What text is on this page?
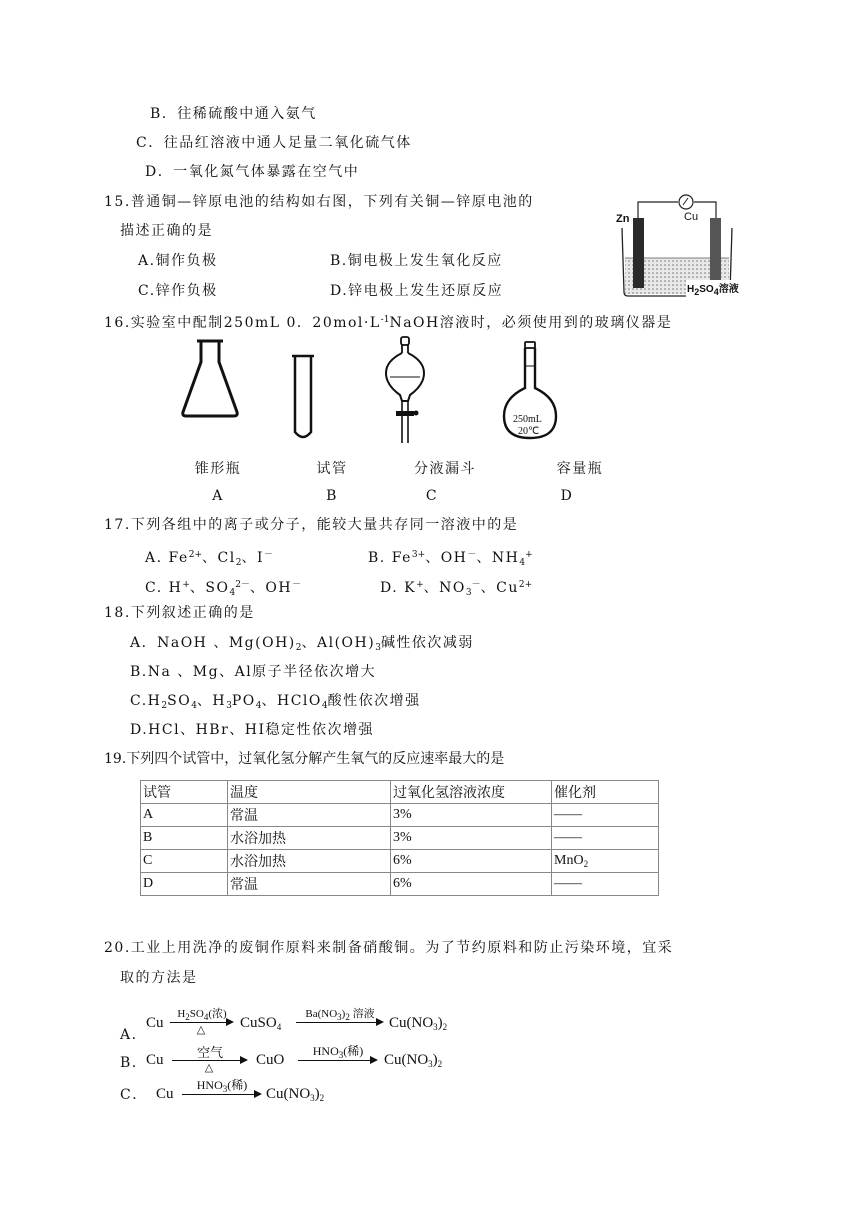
B．往稀硫酸中通入氨气
C．往品红溶液中通人足量二氧化硫气体
D．一氧化氮气体暴露在空气中
15.普通铜—锌原电池的结构如右图，下列有关铜—锌原电池的
描述正确的是
A.铜作负极	B.铜电极上发生氧化反应
C.锌作负极	D.锌电极上发生还原反应
Zn	Cu
$H_2SO_4$溶液
16.实验室中配制250mL 0．$20mol\cdot L^{-1}NaOH$溶液时，必须使用到的玻璃仪器是
250mL
20℃
锥形瓶	试管	分液漏斗	容量瓶
A	B	C	D
17.下列各组中的离子或分子，能较大量共存同一溶液中的是
A. $Fe^{2+}$、$Cl_2$、I－	B. $Fe^{3+}$、OH－、$NH_4^+$
C. H+、$SO_4^{2-}$、OH－	D. K+、$NO_3^-$、$Cu^{2+}$
18.下列叙述正确的是
A．NaOH 、$Mg(OH)_2$、$Al(OH)_3$碱性依次减弱
B.Na 、Mg、Al原子半径依次增大
$C.H_2SO_4$、$H_3PO_4$、HClO$_4$酸性依次增强
D.HCl、HBr、HI稳定性依次增强
19.下列四个试管中，过氧化氢分解产生氧气的反应速率最大的是
试管	温度	过氧化氢溶液浓度	催化剂
A	常温	3%	——
B	水浴加热	3%	——
C	水浴加热	6%	MnO$_2$
D	常温	6%	——
20.工业上用洗净的废铜作原料来制备硝酸铜。为了节约原料和防止污染环境，宜采
取的方法是
A．
Cu
$H_2SO_4$(浓)
△	CuSO$_4$
$Ba(NO_3)_2$ 溶液
$Cu(NO_3)_2$
B．
Cu	空气
△	CuO
$HNO_3$(稀)
$Cu(NO_3)_2$
C． Cu
$HNO_3$(稀)
$Cu(NO_3)_2$
